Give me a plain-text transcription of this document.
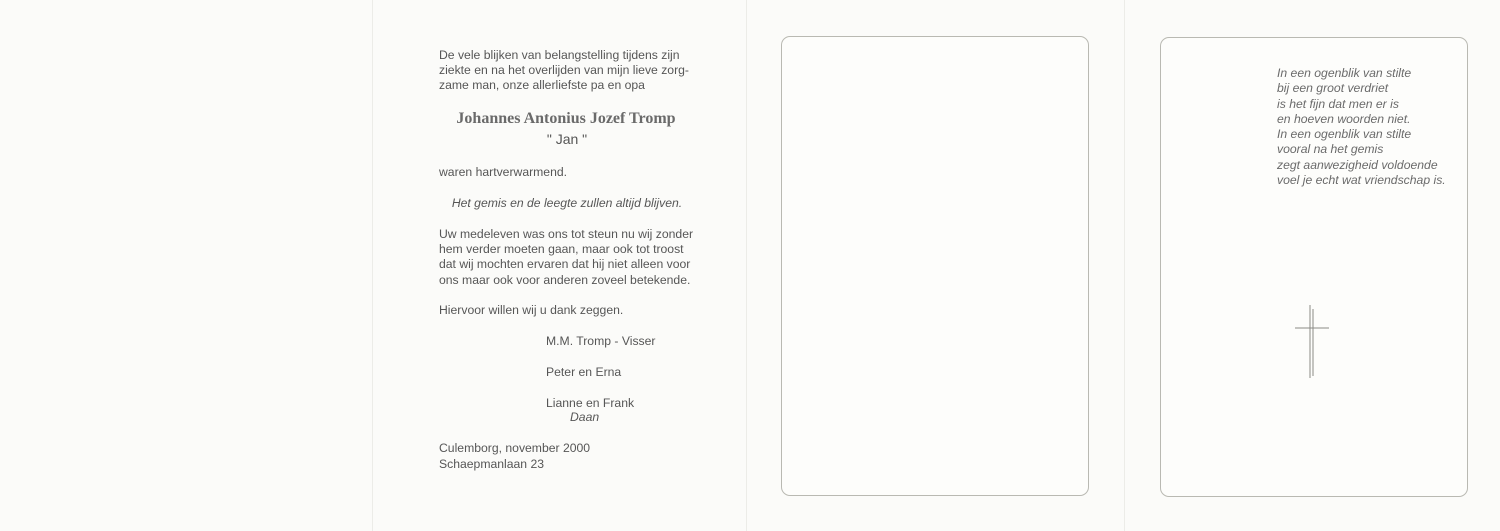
De vele blijken van belangstelling tijdens zijn
ziekte en na het overlijden van mijn lieve zorg-
zame man, onze allerliefste pa en opa
Johannes Antonius Jozef Tromp
" Jan "
waren hartverwarmend.
Het gemis en de leegte zullen altijd blijven.
Uw medeleven was ons tot steun nu wij zonder
hem verder moeten gaan, maar ook tot troost
dat wij mochten ervaren dat hij niet alleen voor
ons maar ook voor anderen zoveel betekende.
Hiervoor willen wij u dank zeggen.
M.M. Tromp - Visser
Peter en Erna
Lianne en Frank
Daan
Culemborg, november 2000
Schaepmanlaan 23
In een ogenblik van stilte
bij een groot verdriet
is het fijn dat men er is
en hoeven woorden niet.
In een ogenblik van stilte
vooral na het gemis
zegt aanwezigheid voldoende
voel je echt wat vriendschap is.
